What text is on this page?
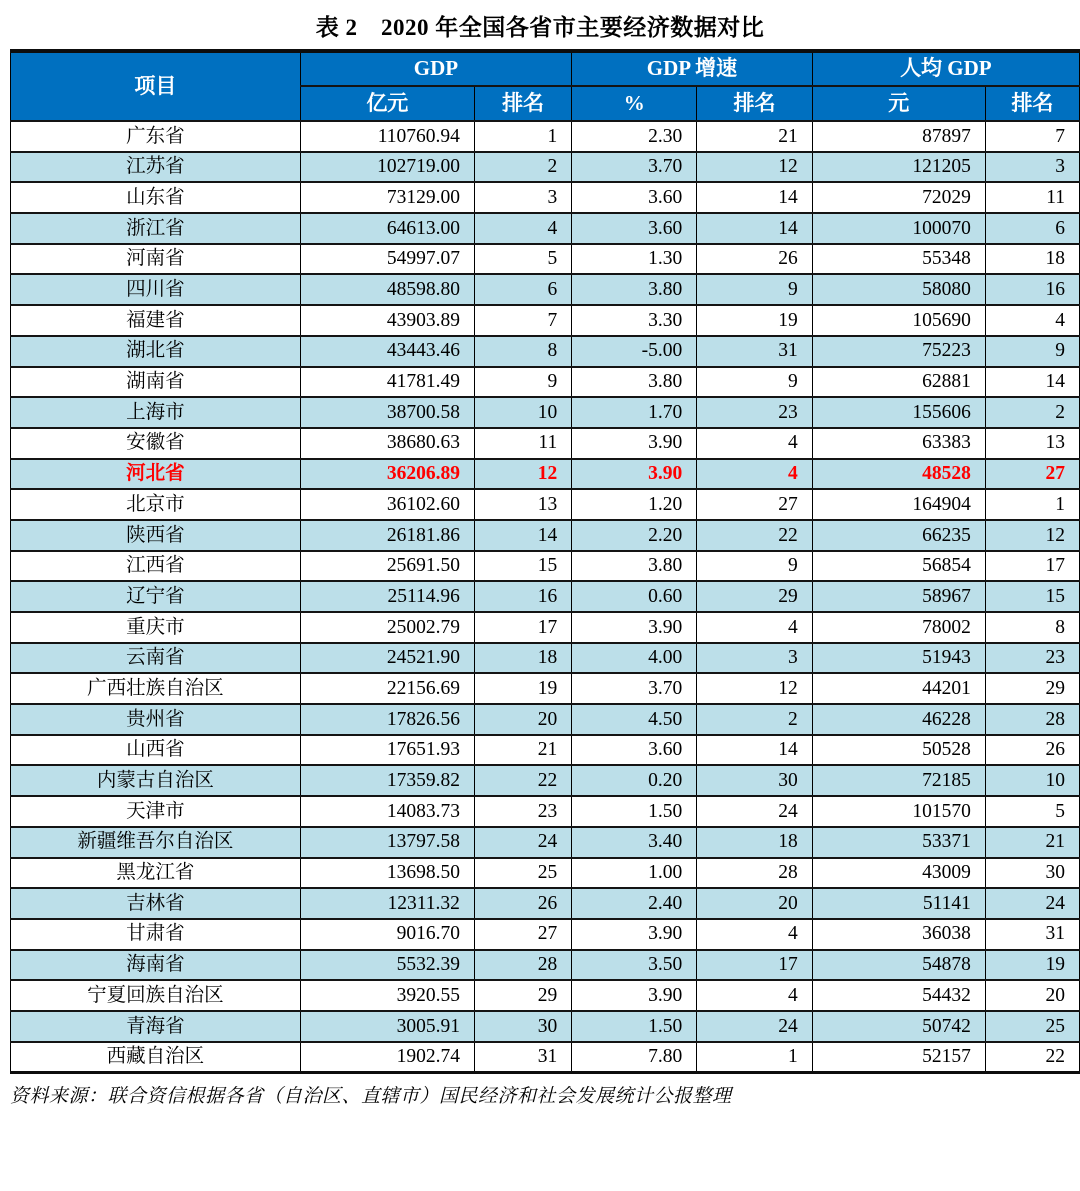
表 2　2020 年全国各省市主要经济数据对比
项目	GDP		GDP 增速		人均 GDP	
	亿元	排名	%	排名	元	排名
广东省	110760.94	1	2.30	21	87897	7
江苏省	102719.00	2	3.70	12	121205	3
山东省	73129.00	3	3.60	14	72029	11
浙江省	64613.00	4	3.60	14	100070	6
河南省	54997.07	5	1.30	26	55348	18
四川省	48598.80	6	3.80	9	58080	16
福建省	43903.89	7	3.30	19	105690	4
湖北省	43443.46	8	-5.00	31	75223	9
湖南省	41781.49	9	3.80	9	62881	14
上海市	38700.58	10	1.70	23	155606	2
安徽省	38680.63	11	3.90	4	63383	13
河北省	36206.89	12	3.90	4	48528	27
北京市	36102.60	13	1.20	27	164904	1
陕西省	26181.86	14	2.20	22	66235	12
江西省	25691.50	15	3.80	9	56854	17
辽宁省	25114.96	16	0.60	29	58967	15
重庆市	25002.79	17	3.90	4	78002	8
云南省	24521.90	18	4.00	3	51943	23
广西壮族自治区	22156.69	19	3.70	12	44201	29
贵州省	17826.56	20	4.50	2	46228	28
山西省	17651.93	21	3.60	14	50528	26
内蒙古自治区	17359.82	22	0.20	30	72185	10
天津市	14083.73	23	1.50	24	101570	5
新疆维吾尔自治区	13797.58	24	3.40	18	53371	21
黑龙江省	13698.50	25	1.00	28	43009	30
吉林省	12311.32	26	2.40	20	51141	24
甘肃省	9016.70	27	3.90	4	36038	31
海南省	5532.39	28	3.50	17	54878	19
宁夏回族自治区	3920.55	29	3.90	4	54432	20
青海省	3005.91	30	1.50	24	50742	25
西藏自治区	1902.74	31	7.80	1	52157	22
资料来源：联合资信根据各省（自治区、直辖市）国民经济和社会发展统计公报整理
